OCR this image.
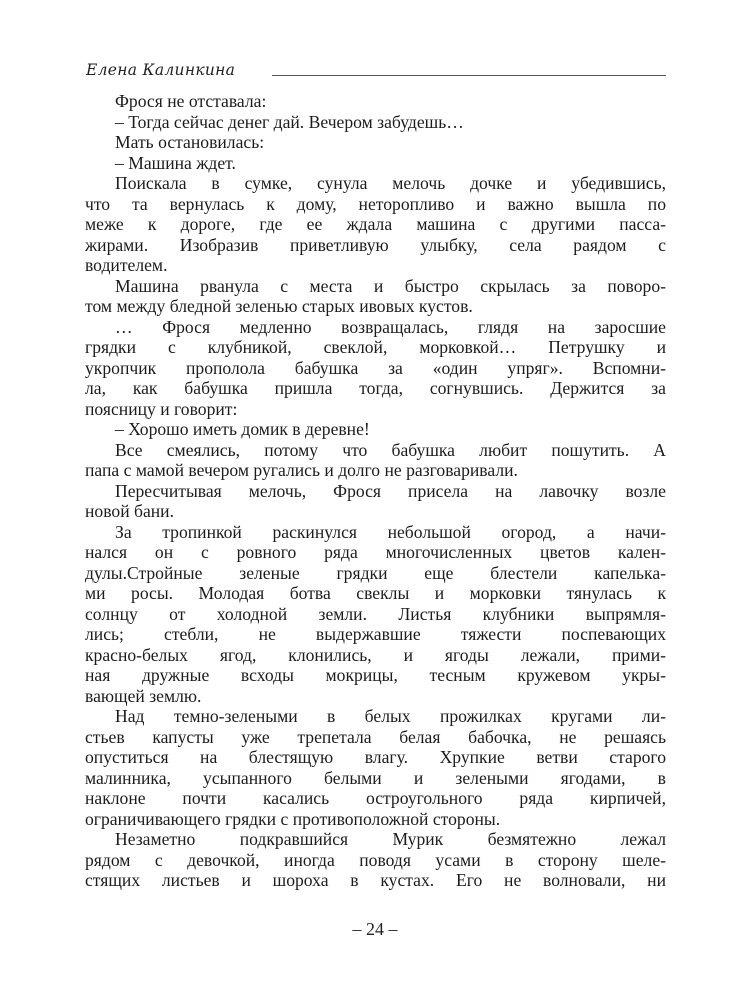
Елена Калинкина
Фрося не отставала:
– Тогда сейчас денег дай. Вечером забудешь…
Мать остановилась:
– Машина ждет.
Поискала в сумке, сунула мелочь дочке и убедившись,
что та вернулась к дому, неторопливо и важно вышла по
меже к дороге, где ее ждала машина с другими пасса-
жирами. Изобразив приветливую улыбку, села раядом с
водителем.
Машина рванула с места и быстро скрылась за поворо-
том между бледной зеленью старых ивовых кустов.
… Фрося медленно возвращалась, глядя на заросшие
грядки с клубникой, свеклой, морковкой… Петрушку и
укропчик прополола бабушка за «один упряг». Вспомни-
ла, как бабушка пришла тогда, согнувшись. Держится за
поясницу и говорит:
– Хорошо иметь домик в деревне!
Все смеялись, потому что бабушка любит пошутить. А
папа с мамой вечером ругались и долго не разговаривали.
Пересчитывая мелочь, Фрося присела на лавочку возле
новой бани.
За тропинкой раскинулся небольшой огород, а начи-
нался он с ровного ряда многочисленных цветов кален-
дулы.Стройные зеленые грядки еще блестели капелька-
ми росы. Молодая ботва свеклы и морковки тянулась к
солнцу от холодной земли. Листья клубники выпрямля-
лись; стебли, не выдержавшие тяжести поспевающих
красно-белых ягод, клонились, и ягоды лежали, прими-
ная дружные всходы мокрицы, тесным кружевом укры-
вающей землю.
Над темно-зелеными в белых прожилках кругами ли-
стьев капусты уже трепетала белая бабочка, не решаясь
опуститься на блестящую влагу. Хрупкие ветви старого
малинника, усыпанного белыми и зелеными ягодами, в
наклоне почти касались остроугольного ряда кирпичей,
ограничивающего грядки с противоположной стороны.
Незаметно подкравшийся Мурик безмятежно лежал
рядом с девочкой, иногда поводя усами в сторону шеле-
стящих листьев и шороха в кустах. Его не волновали, ни
– 24 –
